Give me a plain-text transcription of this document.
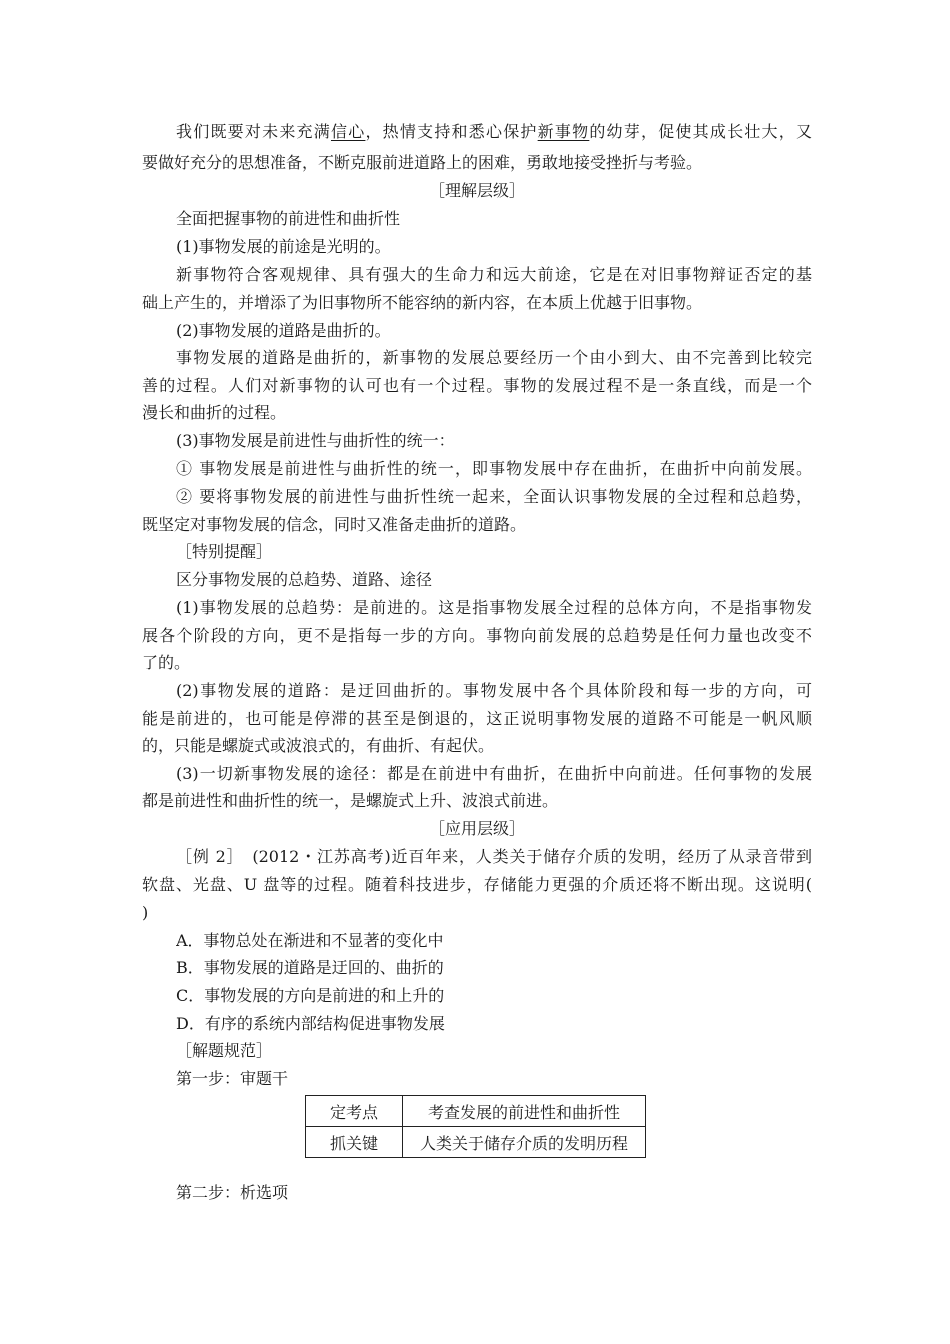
我们既要对未来充满信心，热情支持和悉心保护新事物的幼芽，促使其成长壮大，又
要做好充分的思想准备，不断克服前进道路上的困难，勇敢地接受挫折与考验。
［理解层级］
全面把握事物的前进性和曲折性
(1)事物发展的前途是光明的。
新事物符合客观规律、具有强大的生命力和远大前途，它是在对旧事物辩证否定的基
础上产生的，并增添了为旧事物所不能容纳的新内容，在本质上优越于旧事物。
(2)事物发展的道路是曲折的。
事物发展的道路是曲折的，新事物的发展总要经历一个由小到大、由不完善到比较完
善的过程。人们对新事物的认可也有一个过程。事物的发展过程不是一条直线，而是一个
漫长和曲折的过程。
(3)事物发展是前进性与曲折性的统一：
① 事物发展是前进性与曲折性的统一，即事物发展中存在曲折，在曲折中向前发展。
② 要将事物发展的前进性与曲折性统一起来，全面认识事物发展的全过程和总趋势，
既坚定对事物发展的信念，同时又准备走曲折的道路。
［特别提醒］
区分事物发展的总趋势、道路、途径
(1)事物发展的总趋势：是前进的。这是指事物发展全过程的总体方向，不是指事物发
展各个阶段的方向，更不是指每一步的方向。事物向前发展的总趋势是任何力量也改变不
了的。
(2)事物发展的道路：是迂回曲折的。事物发展中各个具体阶段和每一步的方向，可
能是前进的，也可能是停滞的甚至是倒退的，这正说明事物发展的道路不可能是一帆风顺
的，只能是螺旋式或波浪式的，有曲折、有起伏。
(3)一切新事物发展的途径：都是在前进中有曲折，在曲折中向前进。任何事物的发展
都是前进性和曲折性的统一，是螺旋式上升、波浪式前进。
［应用层级］
［例 2］　(2012・江苏高考)近百年来，人类关于储存介质的发明，经历了从录音带到
软盘、光盘、U 盘等的过程。随着科技进步，存储能力更强的介质还将不断出现。这说明(
)
A．事物总处在渐进和不显著的变化中
B．事物发展的道路是迂回的、曲折的
C．事物发展的方向是前进的和上升的
D．有序的系统内部结构促进事物发展
［解题规范］
第一步：审题干
定考点	考查发展的前进性和曲折性
抓关键	人类关于储存介质的发明历程
第二步：析选项
